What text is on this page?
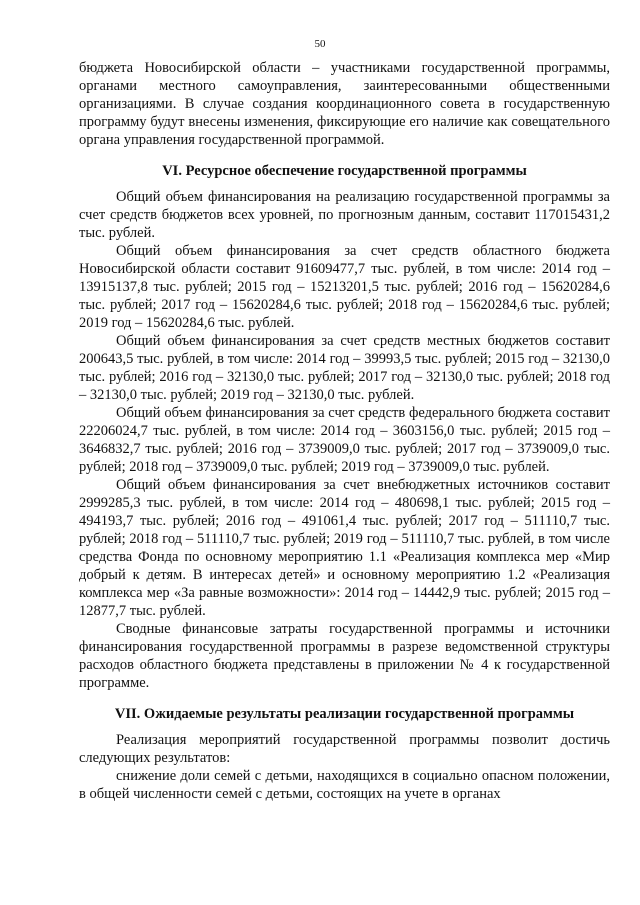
50

бюджета Новосибирской области – участниками государственной программы, органами местного самоуправления, заинтересованными общественными организациями. В случае создания координационного совета в государственную программу будут внесены изменения, фиксирующие его наличие как совещательного органа управления государственной программой.

VI. Ресурсное обеспечение государственной программы

Общий объем финансирования на реализацию государственной программы за счет средств бюджетов всех уровней, по прогнозным данным, составит 117015431,2 тыс. рублей.

Общий объем финансирования за счет средств областного бюджета Новосибирской области составит 91609477,7 тыс. рублей, в том числе: 2014 год – 13915137,8 тыс. рублей; 2015 год – 15213201,5 тыс. рублей; 2016 год – 15620284,6 тыс. рублей; 2017 год – 15620284,6 тыс. рублей; 2018 год – 15620284,6 тыс. рублей; 2019 год – 15620284,6 тыс. рублей.

Общий объем финансирования за счет средств местных бюджетов составит 200643,5 тыс. рублей, в том числе: 2014 год – 39993,5 тыс. рублей; 2015 год – 32130,0 тыс. рублей; 2016 год – 32130,0 тыс. рублей; 2017 год – 32130,0 тыс. рублей; 2018 год – 32130,0 тыс. рублей; 2019 год – 32130,0 тыс. рублей.

Общий объем финансирования за счет средств федерального бюджета составит 22206024,7 тыс. рублей, в том числе: 2014 год – 3603156,0 тыс. рублей; 2015 год – 3646832,7 тыс. рублей; 2016 год – 3739009,0 тыс. рублей; 2017 год – 3739009,0 тыс. рублей; 2018 год – 3739009,0 тыс. рублей; 2019 год – 3739009,0 тыс. рублей.

Общий объем финансирования за счет внебюджетных источников составит 2999285,3 тыс. рублей, в том числе: 2014 год – 480698,1 тыс. рублей; 2015 год – 494193,7 тыс. рублей; 2016 год – 491061,4 тыс. рублей; 2017 год – 511110,7 тыс. рублей; 2018 год – 511110,7 тыс. рублей; 2019 год – 511110,7 тыс. рублей, в том числе средства Фонда по основному мероприятию 1.1 «Реализация комплекса мер «Мир добрый к детям. В интересах детей» и основному мероприятию 1.2 «Реализация комплекса мер «За равные возможности»: 2014 год – 14442,9 тыс. рублей; 2015 год – 12877,7 тыс. рублей.

Сводные финансовые затраты государственной программы и источники финансирования государственной программы в разрезе ведомственной структуры расходов областного бюджета представлены в приложении № 4 к государственной программе.

VII. Ожидаемые результаты реализации государственной программы

Реализация мероприятий государственной программы позволит достичь следующих результатов:

снижение доли семей с детьми, находящихся в социально опасном положении, в общей численности семей с детьми, состоящих на учете в органах
